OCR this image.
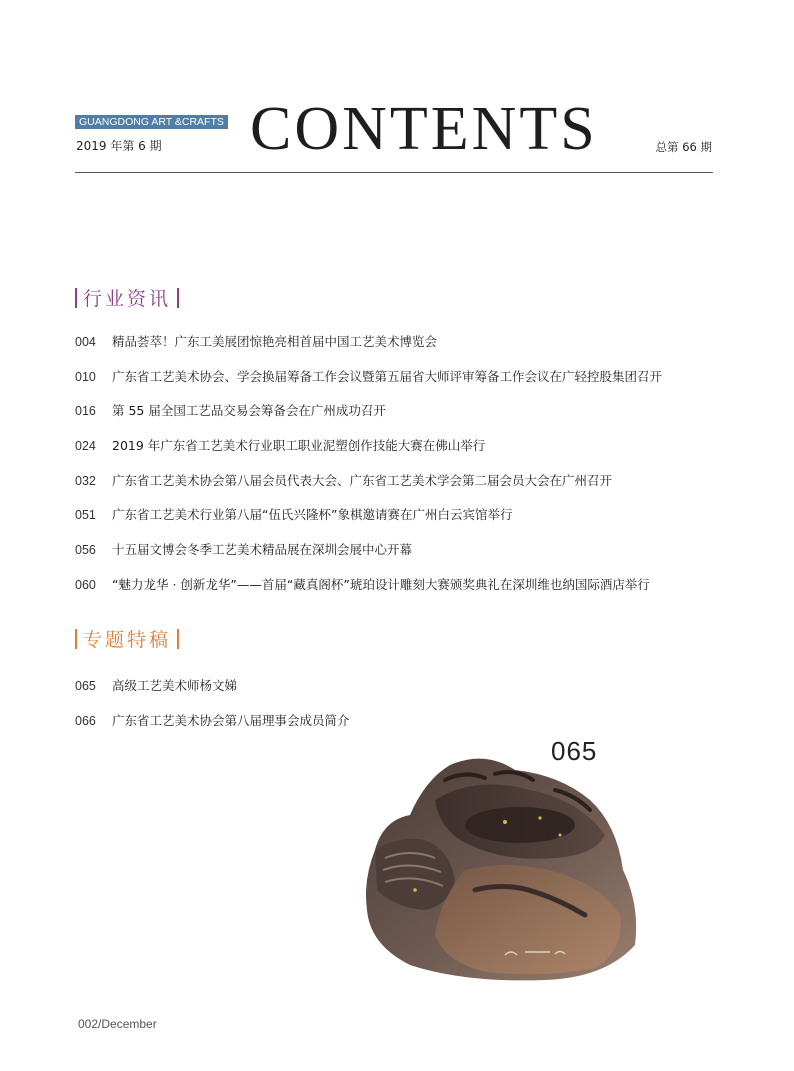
GUANGDONG ART &CRAFTS
2019 年第 6 期 CONTENTS	总第 66 期
行业资讯
004 精品荟萃！广东工美展团惊艳亮相首届中国工艺美术博览会
010 广东省工艺美术协会、学会换届筹备工作会议暨第五届省大师评审筹备工作会议在广轻控股集团召开
016 第 55 届全国工艺品交易会筹备会在广州成功召开
024 2019 年广东省工艺美术行业职工职业泥塑创作技能大赛在佛山举行
032 广东省工艺美术协会第八届会员代表大会、广东省工艺美术学会第二届会员大会在广州召开
051 广东省工艺美术行业第八届“伍氏兴隆杯”象棋邀请赛在广州白云宾馆举行
056 十五届文博会冬季工艺美术精品展在深圳会展中心开幕
060 “魅力龙华 · 创新龙华”——首届“藏真阁杯”琥珀设计雕刻大赛颁奖典礼在深圳维也纳国际酒店举行
专题特稿
065 高级工艺美术师杨文娣
066 广东省工艺美术协会第八届理事会成员简介
065
002/December
